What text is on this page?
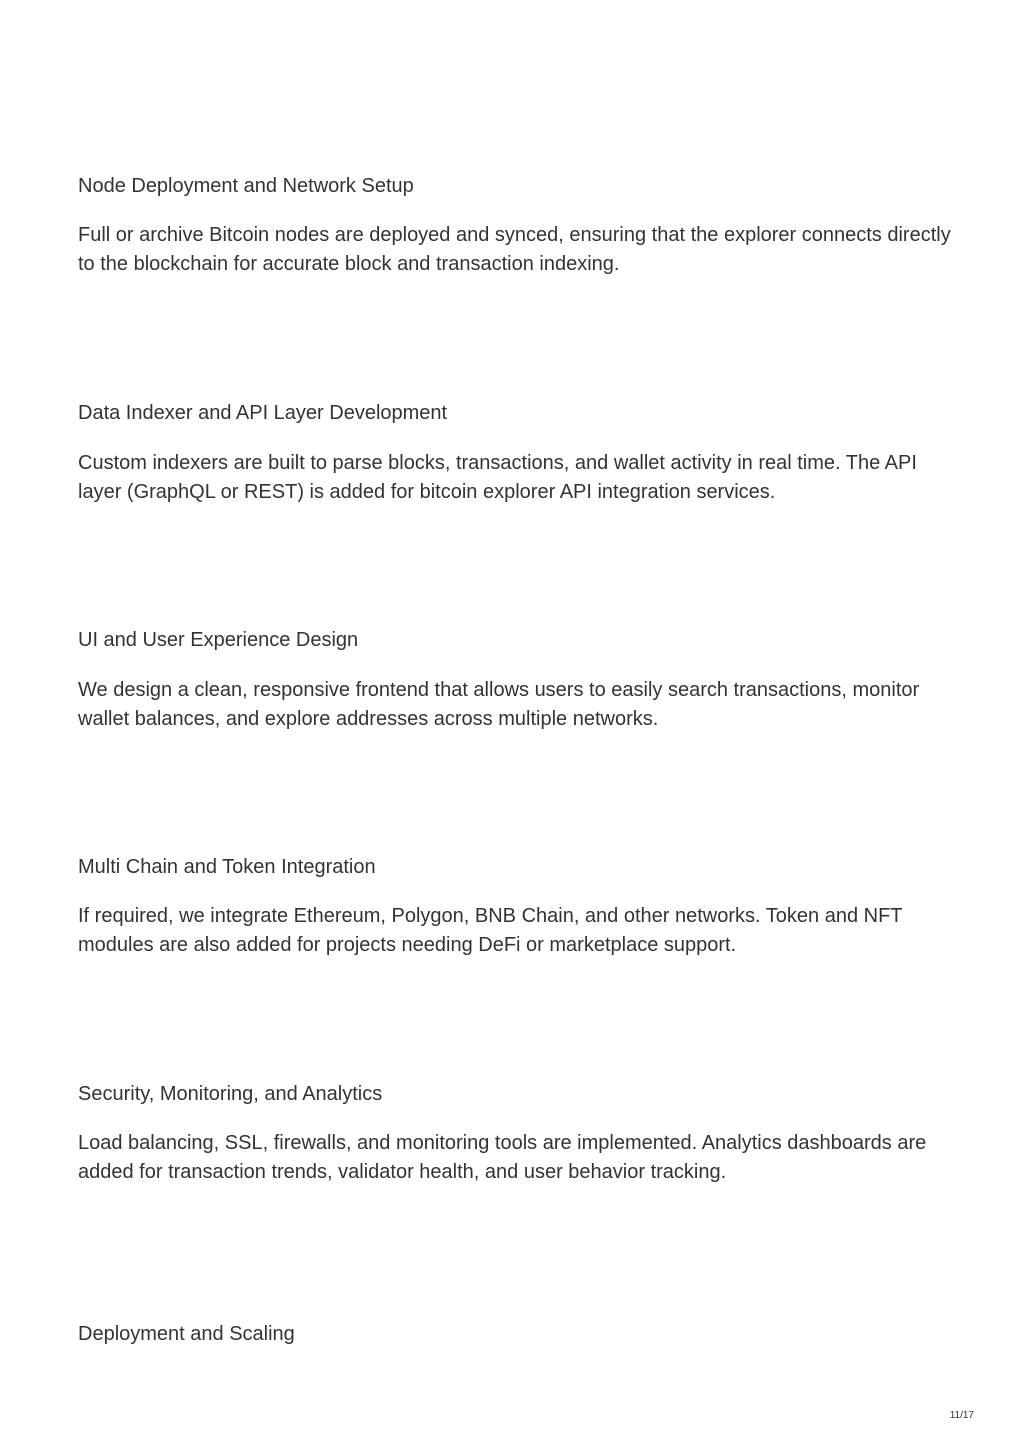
Node Deployment and Network Setup

Full or archive Bitcoin nodes are deployed and synced, ensuring that the explorer connects directly to the blockchain for accurate block and transaction indexing.

Data Indexer and API Layer Development

Custom indexers are built to parse blocks, transactions, and wallet activity in real time. The API layer (GraphQL or REST) is added for bitcoin explorer API integration services.

UI and User Experience Design

We design a clean, responsive frontend that allows users to easily search transactions, monitor wallet balances, and explore addresses across multiple networks.

Multi Chain and Token Integration

If required, we integrate Ethereum, Polygon, BNB Chain, and other networks. Token and NFT modules are also added for projects needing DeFi or marketplace support.

Security, Monitoring, and Analytics

Load balancing, SSL, firewalls, and monitoring tools are implemented. Analytics dashboards are added for transaction trends, validator health, and user behavior tracking.

Deployment and Scaling
11/17
